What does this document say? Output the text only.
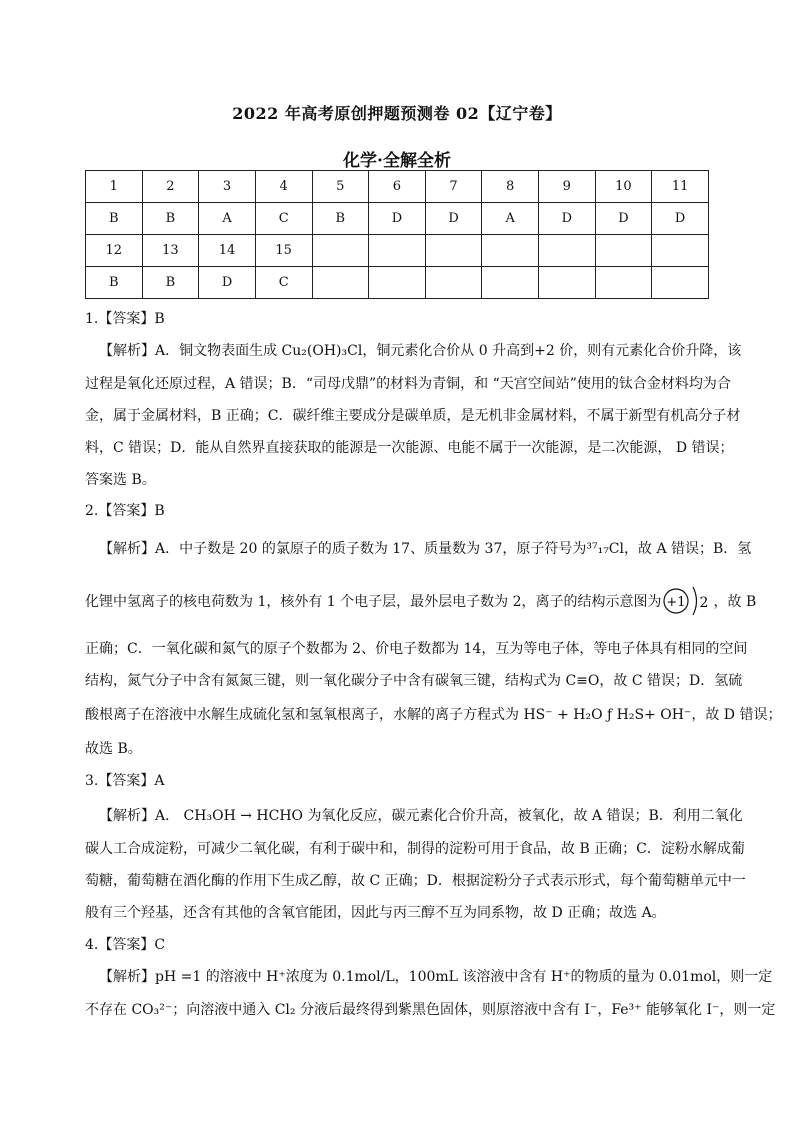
2022 年高考原创押题预测卷 02【辽宁卷】
化学·全解全析
1	2	3	4	5	6	7	8	9	10	11
B	B	A	C	B	D	D	A	D	D	D
12	13	14	15							
B	B	D	C							
1.【答案】B
【解析】A．铜文物表面生成 Cu₂(OH)₃Cl，铜元素化合价从 0 升高到+2 价，则有元素化合价升降，该
过程是氧化还原过程，A 错误；B．“司母戊鼎”的材料为青铜，和 “天宫空间站”使用的钛合金材料均为合
金，属于金属材料，B 正确；C．碳纤维主要成分是碳单质，是无机非金属材料，不属于新型有机高分子材
料，C 错误；D．能从自然界直接获取的能源是一次能源、电能不属于一次能源，是二次能源， D 错误；
答案选 B。
2.【答案】B
【解析】A．中子数是 20 的氯原子的质子数为 17、质量数为 37，原子符号为³⁷₁₇Cl，故 A 错误；B．氢
化锂中氢离子的核电荷数为 1，核外有 1 个电子层，最外层电子数为 2，离子的结构示意图为 +1 2 ，故 B
正确；C．一氧化碳和氮气的原子个数都为 2、价电子数都为 14，互为等电子体，等电子体具有相同的空间
结构，氮气分子中含有氮氮三键，则一氧化碳分子中含有碳氧三键，结构式为 C≡O，故 C 错误；D．氢硫
酸根离子在溶液中水解生成硫化氢和氢氧根离子，水解的离子方程式为 HS⁻ + H₂O ƒ H₂S+ OH⁻，故 D 错误；
故选 B。
3.【答案】A
【解析】A． CH₃OH → HCHO 为氧化反应，碳元素化合价升高，被氧化，故 A 错误；B．利用二氧化
碳人工合成淀粉，可减少二氧化碳，有利于碳中和，制得的淀粉可用于食品，故 B 正确；C．淀粉水解成葡
萄糖，葡萄糖在酒化酶的作用下生成乙醇，故 C 正确；D．根据淀粉分子式表示形式，每个葡萄糖单元中一
般有三个羟基，还含有其他的含氧官能团，因此与丙三醇不互为同系物，故 D 正确；故选 A。
4.【答案】C
【解析】pH =1 的溶液中 H⁺浓度为 0.1mol/L，100mL 该溶液中含有 H⁺的物质的量为 0.01mol，则一定
不存在 CO₃²⁻；向溶液中通入 Cl₂ 分液后最终得到紫黑色固体，则原溶液中含有 I⁻，Fe³⁺ 能够氧化 I⁻，则一定
